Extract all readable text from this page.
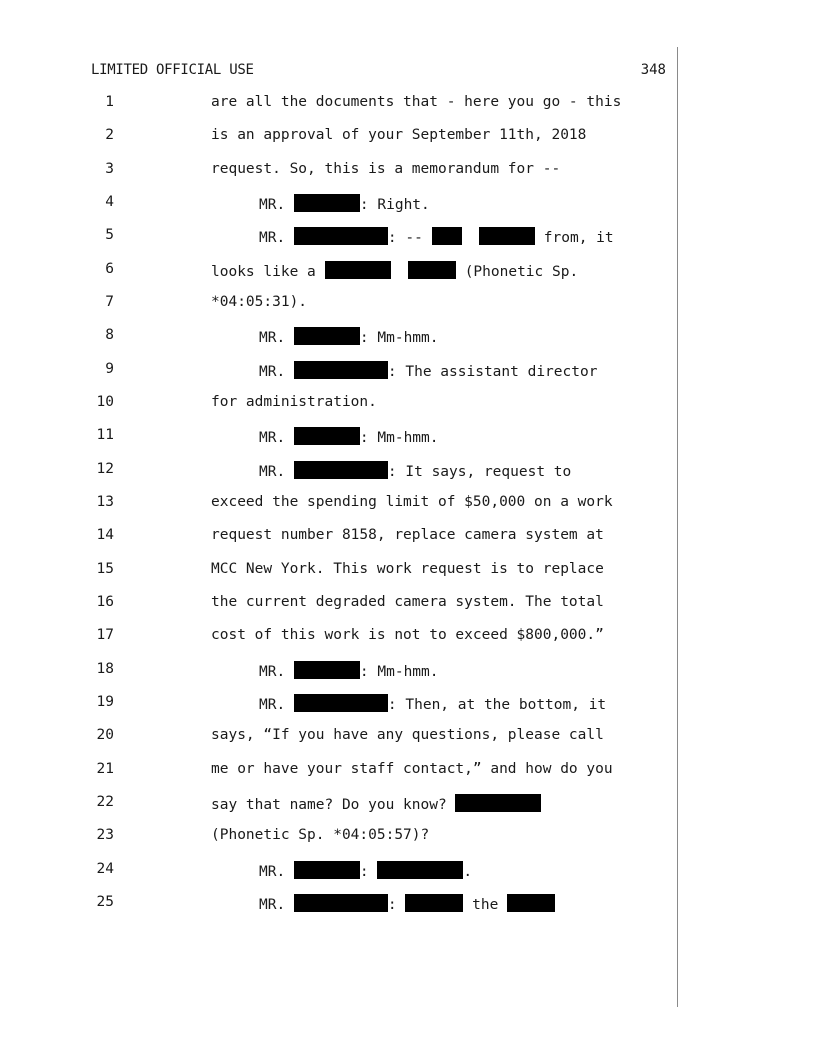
LIMITED OFFICIAL USE	348
1	are all the documents that - here you go - this
2	is an approval of your September 11th, 2018
3	request. So, this is a memorandum for --
4	MR.	: Right.
5	MR.	: --	from, it
6	looks like a	(Phonetic Sp.
7	*04:05:31).
8	MR.	: Mm-hmm.
9	MR.	: The assistant director
10	for administration.
11	MR.	: Mm-hmm.
12	MR.	: It says, request to
13	exceed the spending limit of $50,000 on a work
14	request number 8158, replace camera system at
15	MCC New York. This work request is to replace
16	the current degraded camera system. The total
17	cost of this work is not to exceed $800,000.”
18	MR.	: Mm-hmm.
19	MR.	: Then, at the bottom, it
20	says, “If you have any questions, please call
21	me or have your staff contact,” and how do you
22	say that name? Do you know?
23	(Phonetic Sp. *04:05:57)?
24	MR.	:	.
25	MR.	:	the
